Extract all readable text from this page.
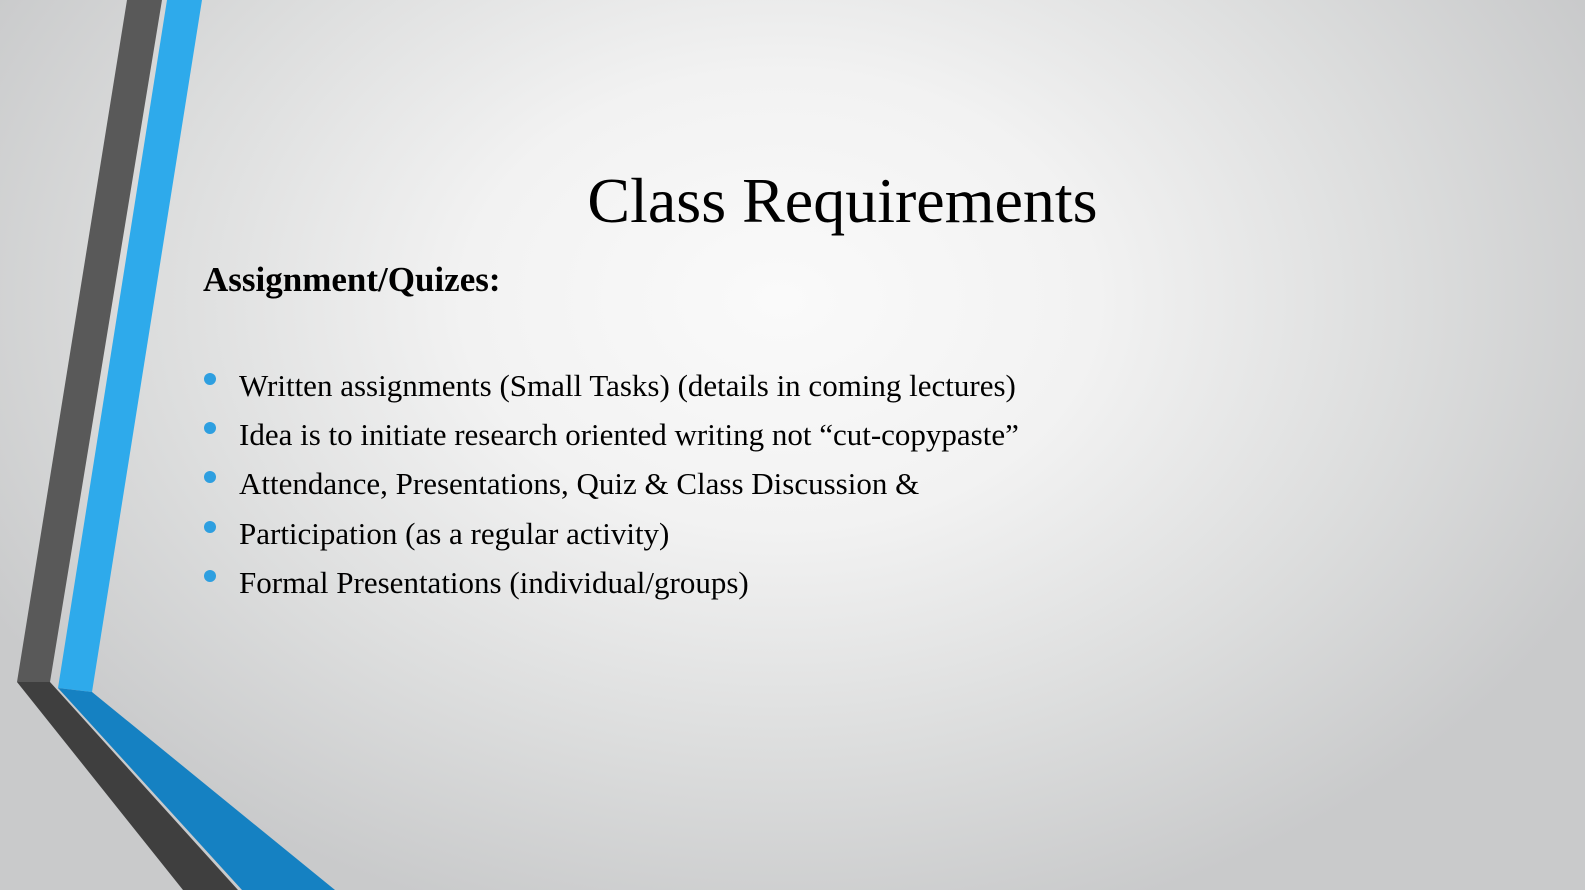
Class Requirements
Assignment/Quizes:
Written assignments (Small Tasks) (details in coming lectures)
Idea is to initiate research oriented writing not “cut-copypaste”
Attendance, Presentations, Quiz & Class Discussion &
Participation (as a regular activity)
Formal Presentations (individual/groups)
